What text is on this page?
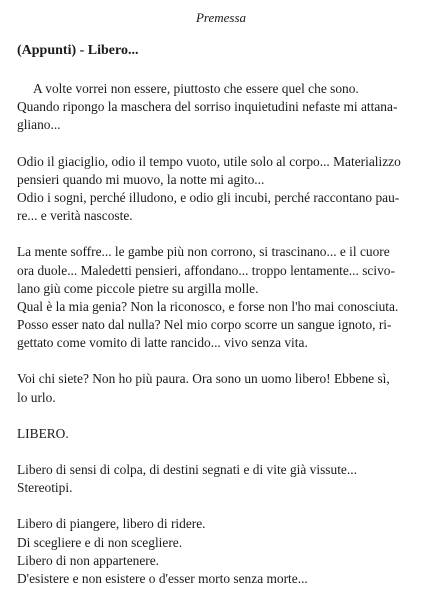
Premessa
(Appunti) - Libero...
A volte vorrei non essere, piuttosto che essere quel che sono.
Quando ripongo la maschera del sorriso inquietudini nefaste mi attana-
gliano...
Odio il giaciglio, odio il tempo vuoto, utile solo al corpo... Materializzo
pensieri quando mi muovo, la notte mi agito...
Odio i sogni, perché illudono, e odio gli incubi, perché raccontano pau-
re... e verità nascoste.
La mente soffre... le gambe più non corrono, si trascinano... e il cuore
ora duole... Maledetti pensieri, affondano... troppo lentamente... scivo-
lano giù come piccole pietre su argilla molle.
Qual è la mia genia? Non la riconosco, e forse non l'ho mai conosciuta.
Posso esser nato dal nulla? Nel mio corpo scorre un sangue ignoto, ri-
gettato come vomito di latte rancido... vivo senza vita.
Voi chi siete? Non ho più paura. Ora sono un uomo libero! Ebbene sì,
lo urlo.
LIBERO.
Libero di sensi di colpa, di destini segnati e di vite già vissute...
Stereotipi.
Libero di piangere, libero di ridere.
Di scegliere e di non scegliere.
Libero di non appartenere.
D'esistere e non esistere o d'esser morto senza morte...
